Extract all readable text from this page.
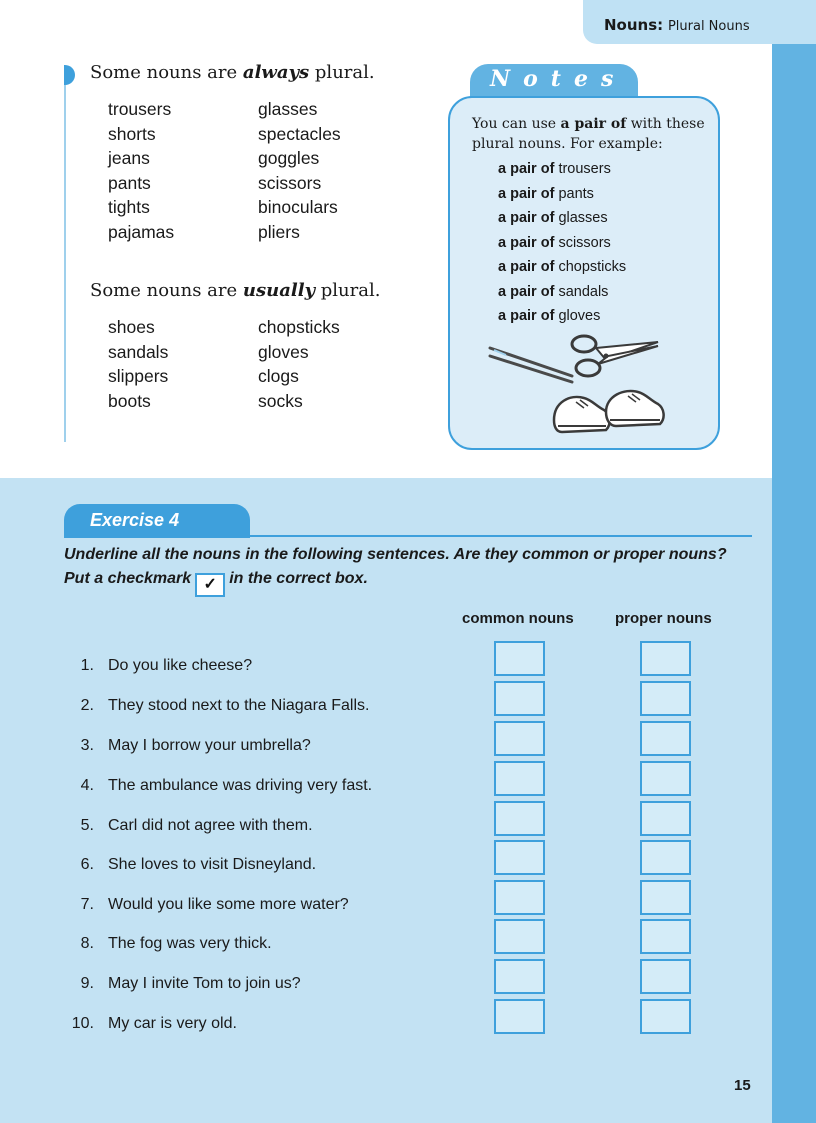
Nouns: Plural Nouns
Some nouns are always plural.
trousers
shorts
jeans
pants
tights
pajamas
glasses
spectacles
goggles
scissors
binoculars
pliers
Some nouns are usually plural.
shoes
sandals
slippers
boots
chopsticks
gloves
clogs
socks
Notes
You can use a pair of with these plural nouns. For example:
a pair of trousers
a pair of pants
a pair of glasses
a pair of scissors
a pair of chopsticks
a pair of sandals
a pair of gloves
Exercise 4
Underline all the nouns in the following sentences. Are they common or proper nouns?
Put a checkmark ✓ in the correct box.
common nouns	proper nouns
1. Do you like cheese?
2. They stood next to the Niagara Falls.
3. May I borrow your umbrella?
4. The ambulance was driving very fast.
5. Carl did not agree with them.
6. She loves to visit Disneyland.
7. Would you like some more water?
8. The fog was very thick.
9. May I invite Tom to join us?
10. My car is very old.
15
